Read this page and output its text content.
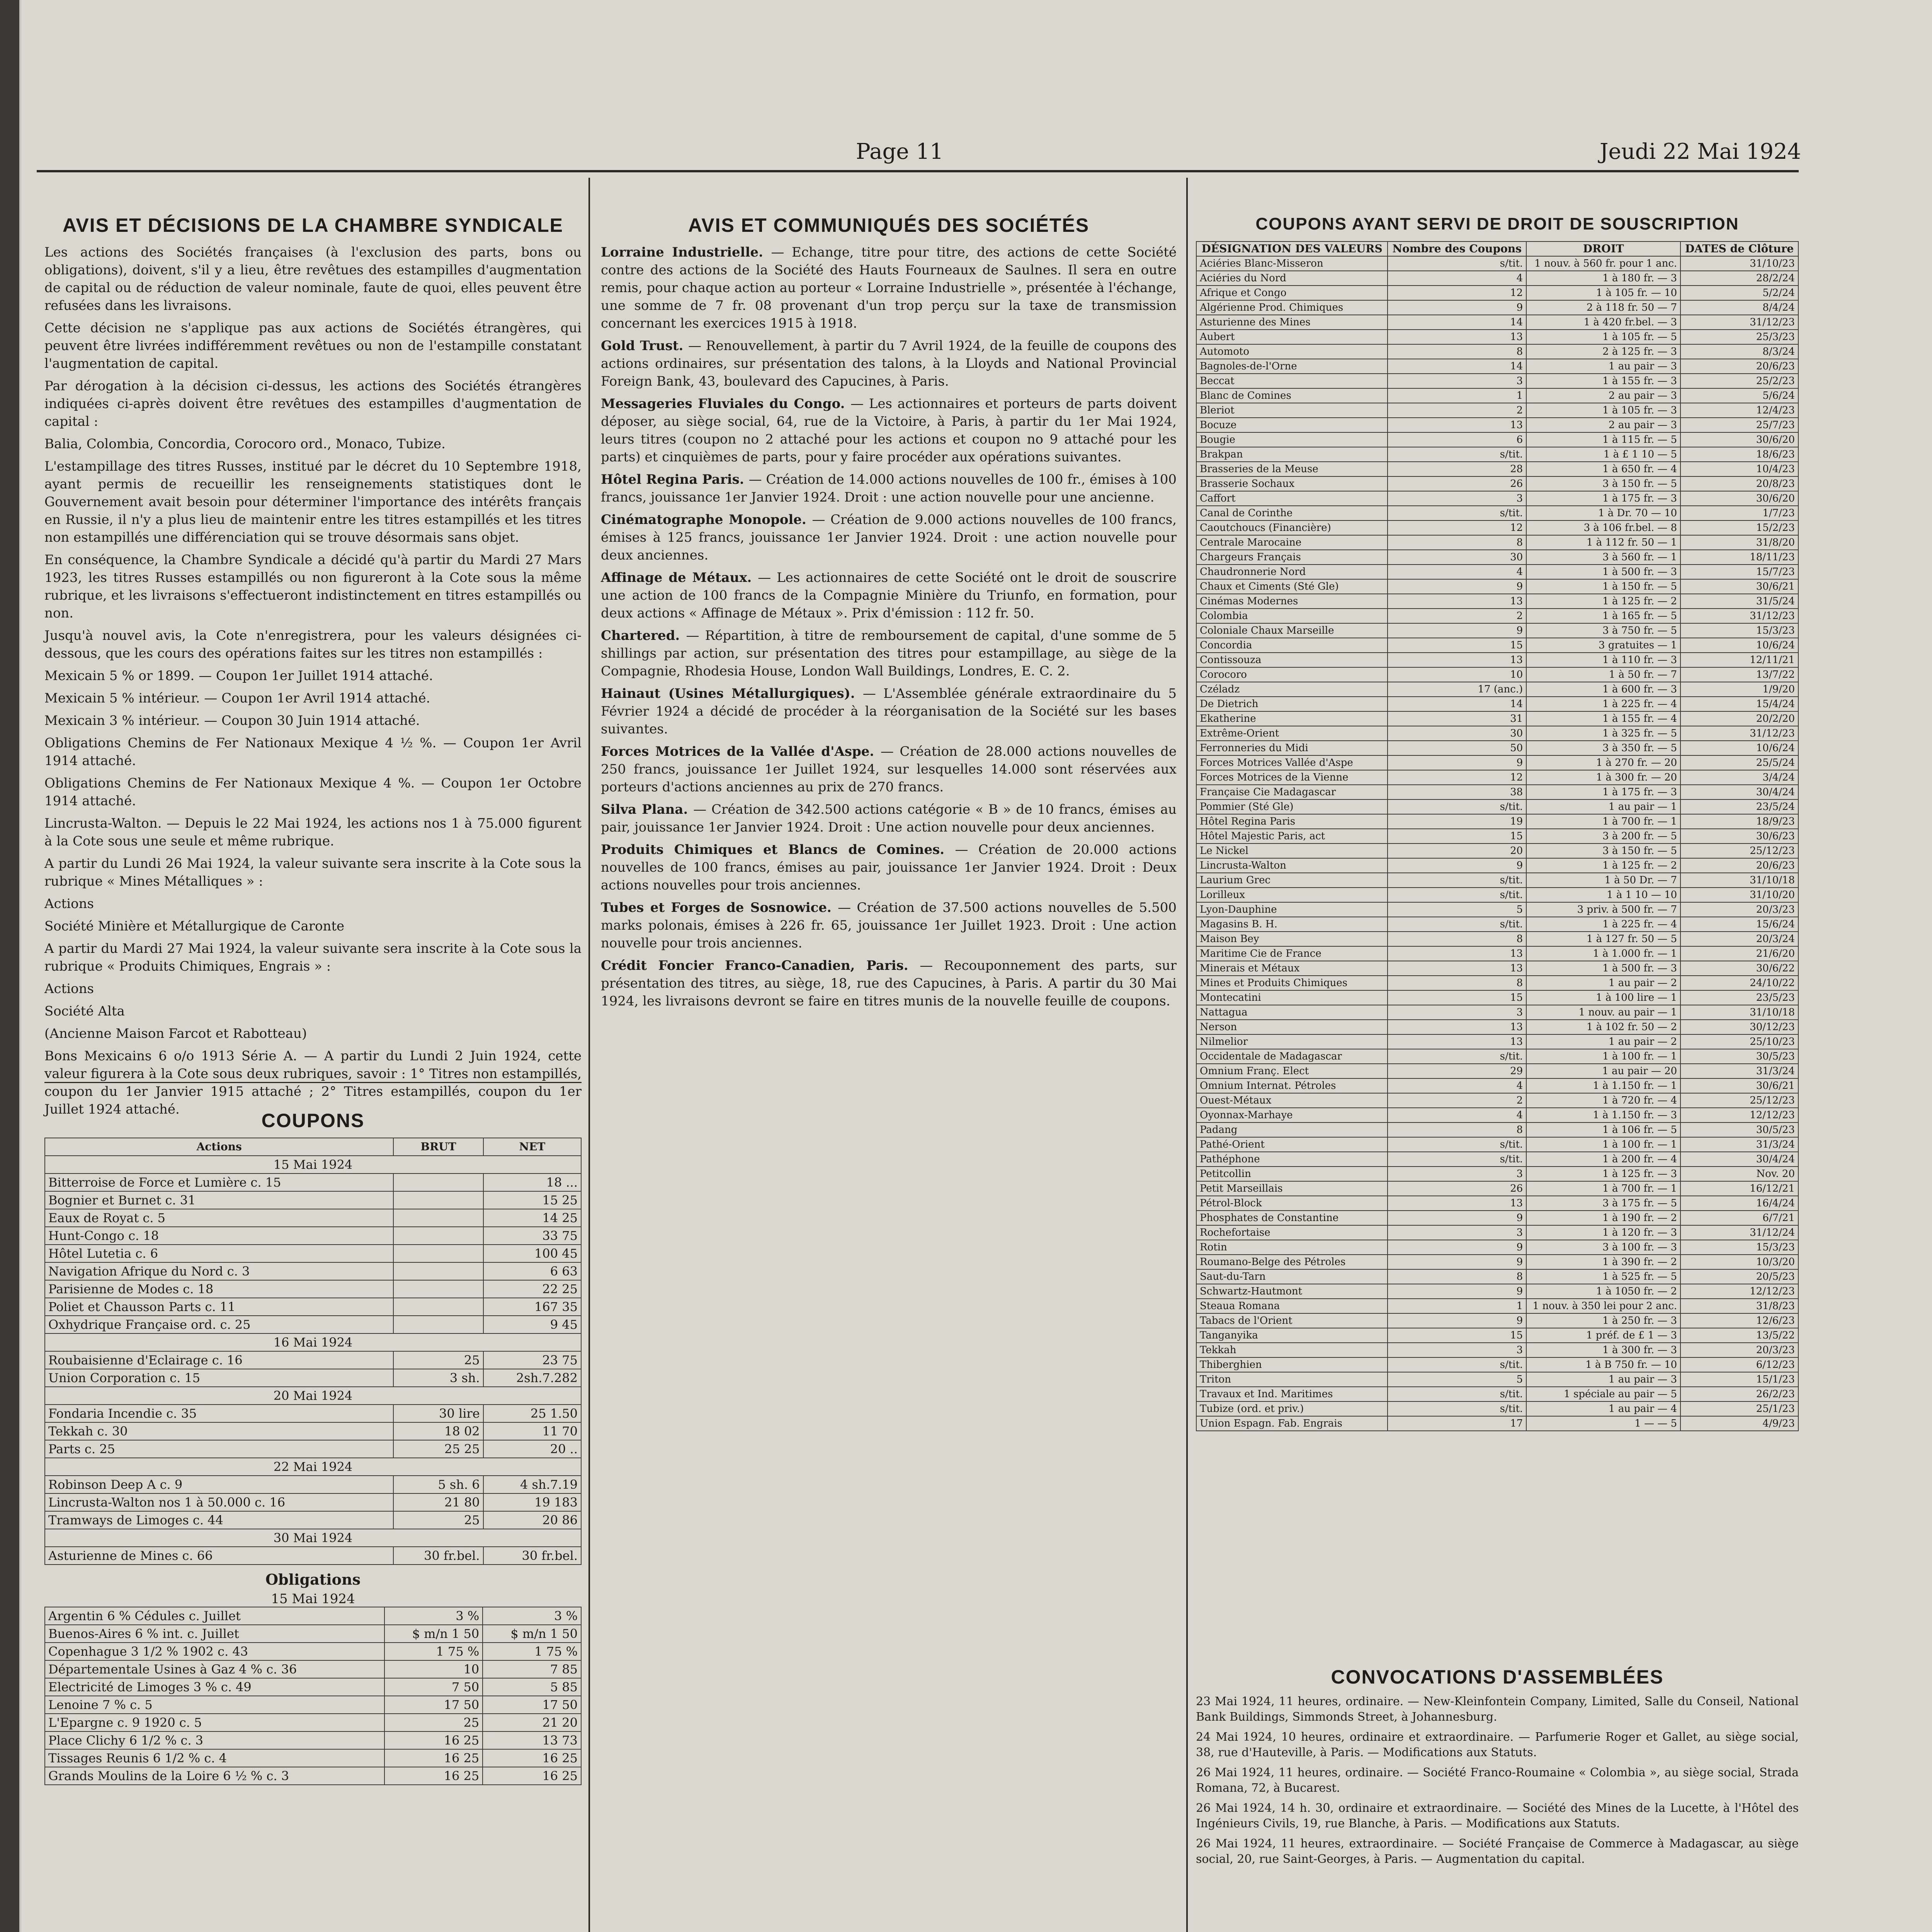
Page 11	Jeudi 22 Mai 1924
AVIS ET DÉCISIONS DE LA CHAMBRE SYNDICALE

Les actions des Sociétés françaises (à l'exclusion des parts, bons ou obligations), doivent, s'il y a lieu, être revêtues des estampilles d'augmentation de capital ou de réduction de valeur nominale, faute de quoi, elles peuvent être refusées dans les livraisons.

Cette décision ne s'applique pas aux actions de Sociétés étrangères, qui peuvent être livrées indifféremment revêtues ou non de l'estampille constatant l'augmentation de capital.

Par dérogation à la décision ci-dessus, les actions des Sociétés étrangères indiquées ci-après doivent être revêtues des estampilles d'augmentation de capital :

Balia, Colombia, Concordia, Corocoro ord., Monaco, Tubize.

L'estampillage des titres Russes, institué par le décret du 10 Septembre 1918, ayant permis de recueillir les renseignements statistiques dont le Gouvernement avait besoin pour déterminer l'importance des intérêts français en Russie, il n'y a plus lieu de maintenir entre les titres estampillés et les titres non estampillés une différenciation qui se trouve désormais sans objet.

En conséquence, la Chambre Syndicale a décidé qu'à partir du Mardi 27 Mars 1923, les titres Russes estampillés ou non figureront à la Cote sous la même rubrique, et les livraisons s'effectueront indistinctement en titres estampillés ou non.

Jusqu'à nouvel avis, la Cote n'enregistrera, pour les valeurs désignées ci-dessous, que les cours des opérations faites sur les titres non estampillés :

Mexicain 5 % or 1899. — Coupon 1er Juillet 1914 attaché.

Mexicain 5 % intérieur. — Coupon 1er Avril 1914 attaché.

Mexicain 3 % intérieur. — Coupon 30 Juin 1914 attaché.

Obligations Chemins de Fer Nationaux Mexique 4 ½ %. — Coupon 1er Avril 1914 attaché.

Obligations Chemins de Fer Nationaux Mexique 4 %. — Coupon 1er Octobre 1914 attaché.

Lincrusta-Walton. — Depuis le 22 Mai 1924, les actions nos 1 à 75.000 figurent à la Cote sous une seule et même rubrique.

A partir du Lundi 26 Mai 1924, la valeur suivante sera inscrite à la Cote sous la rubrique « Mines Métalliques » :

Actions

Société Minière et Métallurgique de Caronte

A partir du Mardi 27 Mai 1924, la valeur suivante sera inscrite à la Cote sous la rubrique « Produits Chimiques, Engrais » :

Actions

Société Alta

(Ancienne Maison Farcot et Rabotteau)

Bons Mexicains 6 o/o 1913 Série A. — A partir du Lundi 2 Juin 1924, cette valeur figurera à la Cote sous deux rubriques, savoir : 1° Titres non estampillés, coupon du 1er Janvier 1915 attaché ; 2° Titres estampillés, coupon du 1er Juillet 1924 attaché.

COUPONS
Actions	BRUT	NET
15 Mai 1924		
Bitterroise de Force et Lumière c. 15		18 ...
Bognier et Burnet c. 31		15 25
Eaux de Royat c. 5		14 25
Hunt-Congo c. 18		33 75
Hôtel Lutetia c. 6		100 45
Navigation Afrique du Nord c. 3		6 63
Parisienne de Modes c. 18		22 25
Poliet et Chausson Parts c. 11		167 35
Oxhydrique Française ord. c. 25		9 45
16 Mai 1924		
Roubaisienne d'Eclairage c. 16	25	23 75
Union Corporation c. 15	3 sh.	2sh.7.282
20 Mai 1924		
Fondaria Incendie c. 35	30 lire	25 1.50
Tekkah c. 30	18 02	11 70
Parts c. 25	25 25	20 ..
22 Mai 1924		
Robinson Deep A c. 9	5 sh. 6	4 sh.7.19
Lincrusta-Walton nos 1 à 50.000 c. 16	21 80	19 183
Tramways de Limoges c. 44	25	20 86
30 Mai 1924		
Asturienne de Mines c. 66	30 fr.bel.	30 fr.bel.
Obligations
15 Mai 1924
Argentin 6 % Cédules c. Juillet	3 %	3 %
Buenos-Aires 6 % int. c. Juillet	$ m/n 1 50	$ m/n 1 50
Copenhague 3 1/2 % 1902 c. 43	1 75 %	1 75 %
Départementale Usines à Gaz 4 % c. 36	10	7 85
Electricité de Limoges 3 % c. 49	7 50	5 85
Lenoine 7 % c. 5	17 50	17 50
L'Epargne c. 9 1920 c. 5	25	21 20
Place Clichy 6 1/2 % c. 3	16 25	13 73
Tissages Reunis 6 1/2 % c. 4	16 25	16 25
Grands Moulins de la Loire 6 ½ % c. 3	16 25	16 25
AVIS ET COMMUNIQUÉS DES SOCIÉTÉS

Lorraine Industrielle. — Echange, titre pour titre, des actions de cette Société contre des actions de la Société des Hauts Fourneaux de Saulnes. Il sera en outre remis, pour chaque action au porteur « Lorraine Industrielle », présentée à l'échange, une somme de 7 fr. 08 provenant d'un trop perçu sur la taxe de transmission concernant les exercices 1915 à 1918.

Gold Trust. — Renouvellement, à partir du 7 Avril 1924, de la feuille de coupons des actions ordinaires, sur présentation des talons, à la Lloyds and National Provincial Foreign Bank, 43, boulevard des Capucines, à Paris.

Messageries Fluviales du Congo. — Les actionnaires et porteurs de parts doivent déposer, au siège social, 64, rue de la Victoire, à Paris, à partir du 1er Mai 1924, leurs titres (coupon no 2 attaché pour les actions et coupon no 9 attaché pour les parts) et cinquièmes de parts, pour y faire procéder aux opérations suivantes.

Hôtel Regina Paris. — Création de 14.000 actions nouvelles de 100 fr., émises à 100 francs, jouissance 1er Janvier 1924. Droit : une action nouvelle pour une ancienne.

Cinématographe Monopole. — Création de 9.000 actions nouvelles de 100 francs, émises à 125 francs, jouissance 1er Janvier 1924. Droit : une action nouvelle pour deux anciennes.

Affinage de Métaux. — Les actionnaires de cette Société ont le droit de souscrire une action de 100 francs de la Compagnie Minière du Triunfo, en formation, pour deux actions « Affinage de Métaux ». Prix d'émission : 112 fr. 50.

Chartered. — Répartition, à titre de remboursement de capital, d'une somme de 5 shillings par action, sur présentation des titres pour estampillage, au siège de la Compagnie, Rhodesia House, London Wall Buildings, Londres, E. C. 2.

Hainaut (Usines Métallurgiques). — L'Assemblée générale extraordinaire du 5 Février 1924 a décidé de procéder à la réorganisation de la Société sur les bases suivantes.

Forces Motrices de la Vallée d'Aspe. — Création de 28.000 actions nouvelles de 250 francs, jouissance 1er Juillet 1924, sur lesquelles 14.000 sont réservées aux porteurs d'actions anciennes au prix de 270 francs.

Silva Plana. — Création de 342.500 actions catégorie « B » de 10 francs, émises au pair, jouissance 1er Janvier 1924. Droit : Une action nouvelle pour deux anciennes.

Produits Chimiques et Blancs de Comines. — Création de 20.000 actions nouvelles de 100 francs, émises au pair, jouissance 1er Janvier 1924. Droit : Deux actions nouvelles pour trois anciennes.

Tubes et Forges de Sosnowice. — Création de 37.500 actions nouvelles de 5.500 marks polonais, émises à 226 fr. 65, jouissance 1er Juillet 1923. Droit : Une action nouvelle pour trois anciennes.

Crédit Foncier Franco-Canadien, Paris. — Recouponnement des parts, sur présentation des titres, au siège, 18, rue des Capucines, à Paris. A partir du 30 Mai 1924, les livraisons devront se faire en titres munis de la nouvelle feuille de coupons.

COUPONS AYANT SERVI DE DROIT DE SOUSCRIPTION
DÉSIGNATION DES VALEURS	Nombre des Coupons	DROIT	DATES de Clôture
Aciéries Blanc-Misseron	s/tit.	1 nouv. à 560 fr. pour 1 anc.	31/10/23
Aciéries du Nord	4	1 à 180 fr. — 3	28/2/24
Afrique et Congo	12	1 à 105 fr. — 10	5/2/24
Algérienne Prod. Chimiques	9	2 à 118 fr. 50 — 7	8/4/24
Asturienne des Mines	14	1 à 420 fr.bel. — 3	31/12/23
Aubert	13	1 à 105 fr. — 5	25/3/23
Automoto	8	2 à 125 fr. — 3	8/3/24
Bagnoles-de-l'Orne	14	1 au pair — 3	20/6/23
Beccat	3	1 à 155 fr. — 3	25/2/23
Blanc de Comines	1	2 au pair — 3	5/6/24
Bleriot	2	1 à 105 fr. — 3	12/4/23
Bocuze	13	2 au pair — 3	25/7/23
Bougie	6	1 à 115 fr. — 5	30/6/20
Brakpan	s/tit.	1 à £ 1 10 — 5	18/6/23
Brasseries de la Meuse	28	1 à 650 fr. — 4	10/4/23
Brasserie Sochaux	26	3 à 150 fr. — 5	20/8/23
Caffort	3	1 à 175 fr. — 3	30/6/20
Canal de Corinthe	s/tit.	1 à Dr. 70 — 10	1/7/23
Caoutchoucs (Financière)	12	3 à 106 fr.bel. — 8	15/2/23
Centrale Marocaine	8	1 à 112 fr. 50 — 1	31/8/20
Chargeurs Français	30	3 à 560 fr. — 1	18/11/23
Chaudronnerie Nord	4	1 à 500 fr. — 3	15/7/23
Chaux et Ciments (Sté Gle)	9	1 à 150 fr. — 5	30/6/21
Cinémas Modernes	13	1 à 125 fr. — 2	31/5/24
Colombia	2	1 à 165 fr. — 5	31/12/23
Coloniale Chaux Marseille	9	3 à 750 fr. — 5	15/3/23
Concordia	15	3 gratuites — 1	10/6/24
Contissouza	13	1 à 110 fr. — 3	12/11/21
Corocoro	10	1 à 50 fr. — 7	13/7/22
Czéladz	17 (anc.)	1 à 600 fr. — 3	1/9/20
De Dietrich	14	1 à 225 fr. — 4	15/4/24
Ekatherine	31	1 à 155 fr. — 4	20/2/20
Extrême-Orient	30	1 à 325 fr. — 5	31/12/23
Ferronneries du Midi	50	3 à 350 fr. — 5	10/6/24
Forces Motrices Vallée d'Aspe	9	1 à 270 fr. — 20	25/5/24
Forces Motrices de la Vienne	12	1 à 300 fr. — 20	3/4/24
Française Cie Madagascar	38	1 à 175 fr. — 3	30/4/24
Pommier (Sté Gle)	s/tit.	1 au pair — 1	23/5/24
Hôtel Regina Paris	19	1 à 700 fr. — 1	18/9/23
Hôtel Majestic Paris, act	15	3 à 200 fr. — 5	30/6/23
Le Nickel	20	3 à 150 fr. — 5	25/12/23
Lincrusta-Walton	9	1 à 125 fr. — 2	20/6/23
Laurium Grec	s/tit.	1 à 50 Dr. — 7	31/10/18
Lorilleux	s/tit.	1 à 1 10 — 10	31/10/20
Lyon-Dauphine	5	3 priv. à 500 fr. — 7	20/3/23
Magasins B. H.	s/tit.	1 à 225 fr. — 4	15/6/24
Maison Bey	8	1 à 127 fr. 50 — 5	20/3/24
Maritime Cie de France	13	1 à 1.000 fr. — 1	21/6/20
Minerais et Métaux	13	1 à 500 fr. — 3	30/6/22
Mines et Produits Chimiques	8	1 au pair — 2	24/10/22
Montecatini	15	1 à 100 lire — 1	23/5/23
Nattagua	3	1 nouv. au pair — 1	31/10/18
Nerson	13	1 à 102 fr. 50 — 2	30/12/23
Nilmelior	13	1 au pair — 2	25/10/23
Occidentale de Madagascar	s/tit.	1 à 100 fr. — 1	30/5/23
Omnium Franç. Elect	29	1 au pair — 20	31/3/24
Omnium Internat. Pétroles	4	1 à 1.150 fr. — 1	30/6/21
Ouest-Métaux	2	1 à 720 fr. — 4	25/12/23
Oyonnax-Marhaye	4	1 à 1.150 fr. — 3	12/12/23
Padang	8	1 à 106 fr. — 5	30/5/23
Pathé-Orient	s/tit.	1 à 100 fr. — 1	31/3/24
Pathéphone	s/tit.	1 à 200 fr. — 4	30/4/24
Petitcollin	3	1 à 125 fr. — 3	Nov. 20
Petit Marseillais	26	1 à 700 fr. — 1	16/12/21
Pétrol-Block	13	3 à 175 fr. — 5	16/4/24
Phosphates de Constantine	9	1 à 190 fr. — 2	6/7/21
Rochefortaise	3	1 à 120 fr. — 3	31/12/24
Rotin	9	3 à 100 fr. — 3	15/3/23
Roumano-Belge des Pétroles	9	1 à 390 fr. — 2	10/3/20
Saut-du-Tarn	8	1 à 525 fr. — 5	20/5/23
Schwartz-Hautmont	9	1 à 1050 fr. — 2	12/12/23
Steaua Romana	1	1 nouv. à 350 lei pour 2 anc.	31/8/23
Tabacs de l'Orient	9	1 à 250 fr. — 3	12/6/23
Tanganyika	15	1 préf. de £ 1 — 3	13/5/22
Tekkah	3	1 à 300 fr. — 3	20/3/23
Thiberghien	s/tit.	1 à B 750 fr. — 10	6/12/23
Triton	5	1 au pair — 3	15/1/23
Travaux et Ind. Maritimes	s/tit.	1 spéciale au pair — 5	26/2/23
Tubize (ord. et priv.)	s/tit.	1 au pair — 4	25/1/23
Union Espagn. Fab. Engrais	17	1 — — 5	4/9/23
CONVOCATIONS D'ASSEMBLÉES

23 Mai 1924, 11 heures, ordinaire. — New-Kleinfontein Company, Limited, Salle du Conseil, National Bank Buildings, Simmonds Street, à Johannesburg.

24 Mai 1924, 10 heures, ordinaire et extraordinaire. — Parfumerie Roger et Gallet, au siège social, 38, rue d'Hauteville, à Paris. — Modifications aux Statuts.

26 Mai 1924, 11 heures, ordinaire. — Société Franco-Roumaine « Colombia », au siège social, Strada Romana, 72, à Bucarest.

26 Mai 1924, 14 h. 30, ordinaire et extraordinaire. — Société des Mines de la Lucette, à l'Hôtel des Ingénieurs Civils, 19, rue Blanche, à Paris. — Modifications aux Statuts.

26 Mai 1924, 11 heures, extraordinaire. — Société Française de Commerce à Madagascar, au siège social, 20, rue Saint-Georges, à Paris. — Augmentation du capital.
